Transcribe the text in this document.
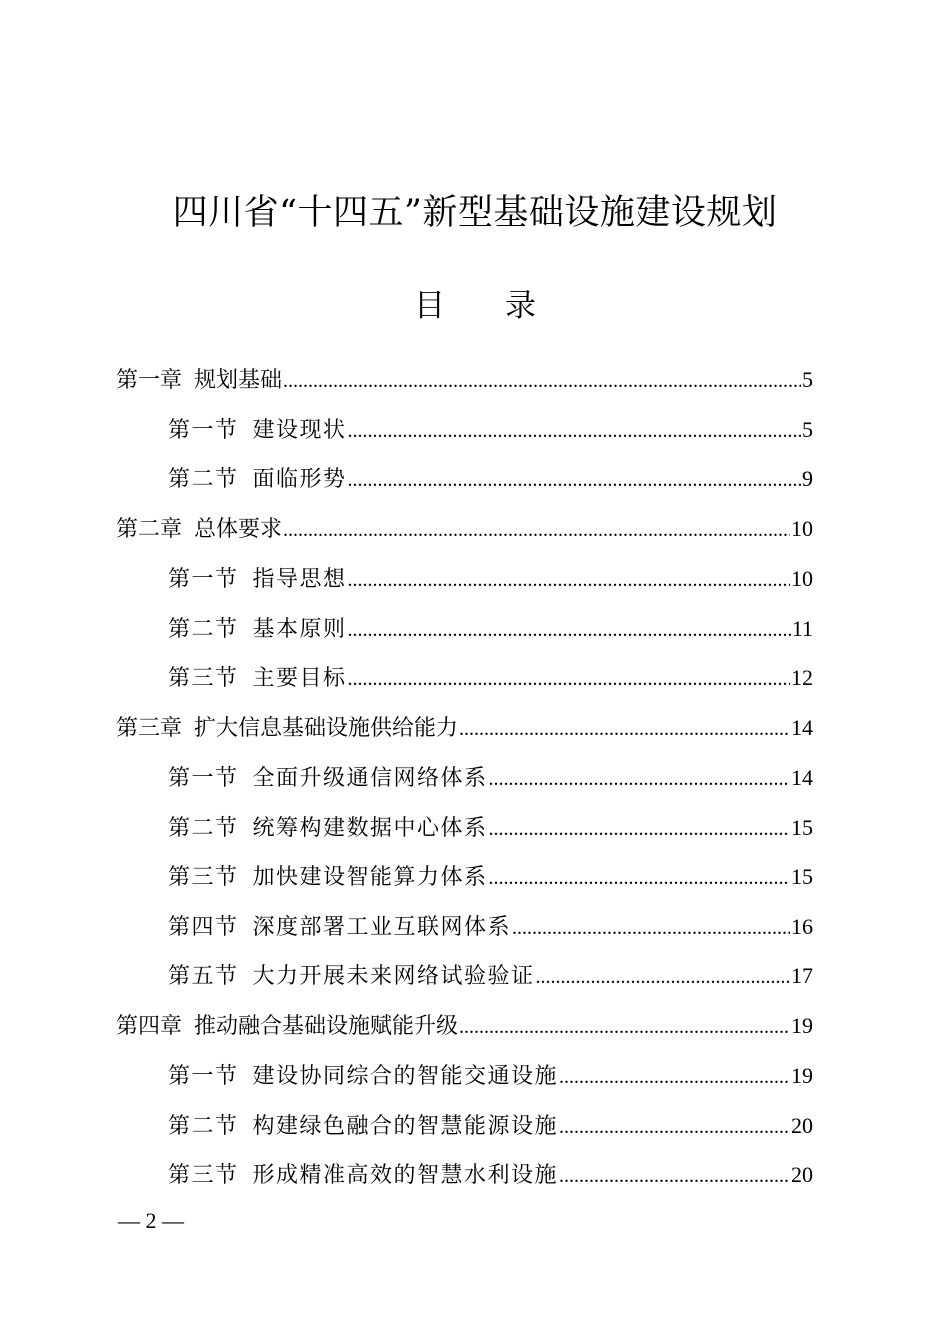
四川省“十四五”新型基础设施建设规划
目 录
第一章 规划基础 .....	5
第一节 建设现状 .....	5
第二节 面临形势 .....	9
第二章 总体要求 .....	10
第一节 指导思想 .....	10
第二节 基本原则 .....	11
第三节 主要目标 .....	12
第三章 扩大信息基础设施供给能力 .....	14
第一节 全面升级通信网络体系 .....	14
第二节 统筹构建数据中心体系 .....	15
第三节 加快建设智能算力体系 .....	15
第四节 深度部署工业互联网体系 .....	16
第五节 大力开展未来网络试验验证 .....	17
第四章 推动融合基础设施赋能升级 .....	19
第一节 建设协同综合的智能交通设施 .....	19
第二节 构建绿色融合的智慧能源设施 .....	20
第三节 形成精准高效的智慧水利设施 .....	20
— 2 —
